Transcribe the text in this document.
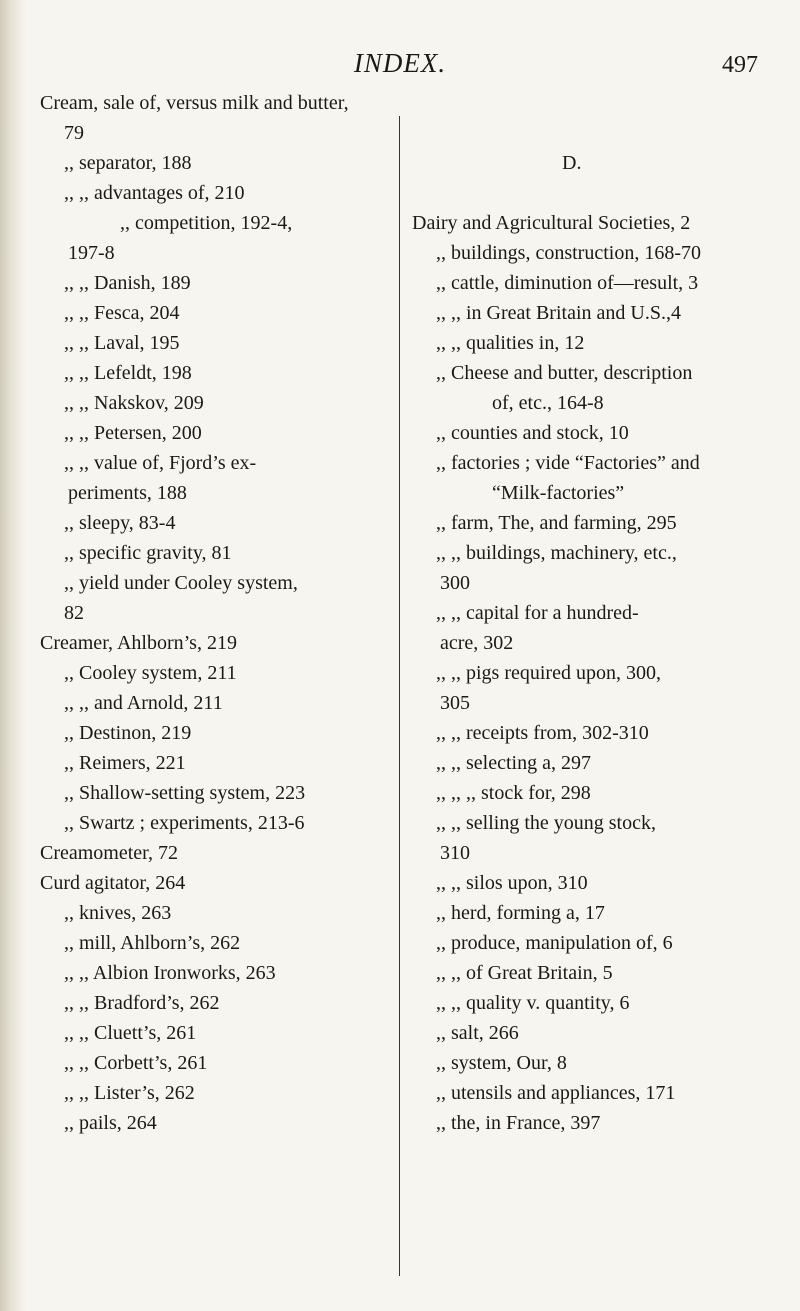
INDEX.	497
Cream, sale of, versus milk and butter,
79
,, separator, 188
,, ,, advantages of, 210
,, competition, 192-4,
197-8
,, ,, Danish, 189
,, ,, Fesca, 204
,, ,, Laval, 195
,, ,, Lefeldt, 198
,, ,, Nakskov, 209
,, ,, Petersen, 200
,, ,, value of, Fjord’s ex-
periments, 188
,, sleepy, 83-4
,, specific gravity, 81
,, yield under Cooley system,
82
Creamer, Ahlborn’s, 219
,, Cooley system, 211
,, ,, and Arnold, 211
,, Destinon, 219
,, Reimers, 221
,, Shallow-setting system, 223
,, Swartz ; experiments, 213-6
Creamometer, 72
Curd agitator, 264
,, knives, 263
,, mill, Ahlborn’s, 262
,, ,, Albion Ironworks, 263
,, ,, Bradford’s, 262
,, ,, Cluett’s, 261
,, ,, Corbett’s, 261
,, ,, Lister’s, 262
,, pails, 264
D.
Dairy and Agricultural Societies, 2
,, buildings, construction, 168-70
,, cattle, diminution of—result, 3
,, ,, in Great Britain and U.S.,4
,, ,, qualities in, 12
,, Cheese and butter, description
of, etc., 164-8
,, counties and stock, 10
,, factories ; vide “Factories” and
“Milk-factories”
,, farm, The, and farming, 295
,, ,, buildings, machinery, etc.,
300
,, ,, capital for a hundred-
acre, 302
,, ,, pigs required upon, 300,
305
,, ,, receipts from, 302-310
,, ,, selecting a, 297
,, ,, ,, stock for, 298
,, ,, selling the young stock,
310
,, ,, silos upon, 310
,, herd, forming a, 17
,, produce, manipulation of, 6
,, ,, of Great Britain, 5
,, ,, quality v. quantity, 6
,, salt, 266
,, system, Our, 8
,, utensils and appliances, 171
,, the, in France, 397
